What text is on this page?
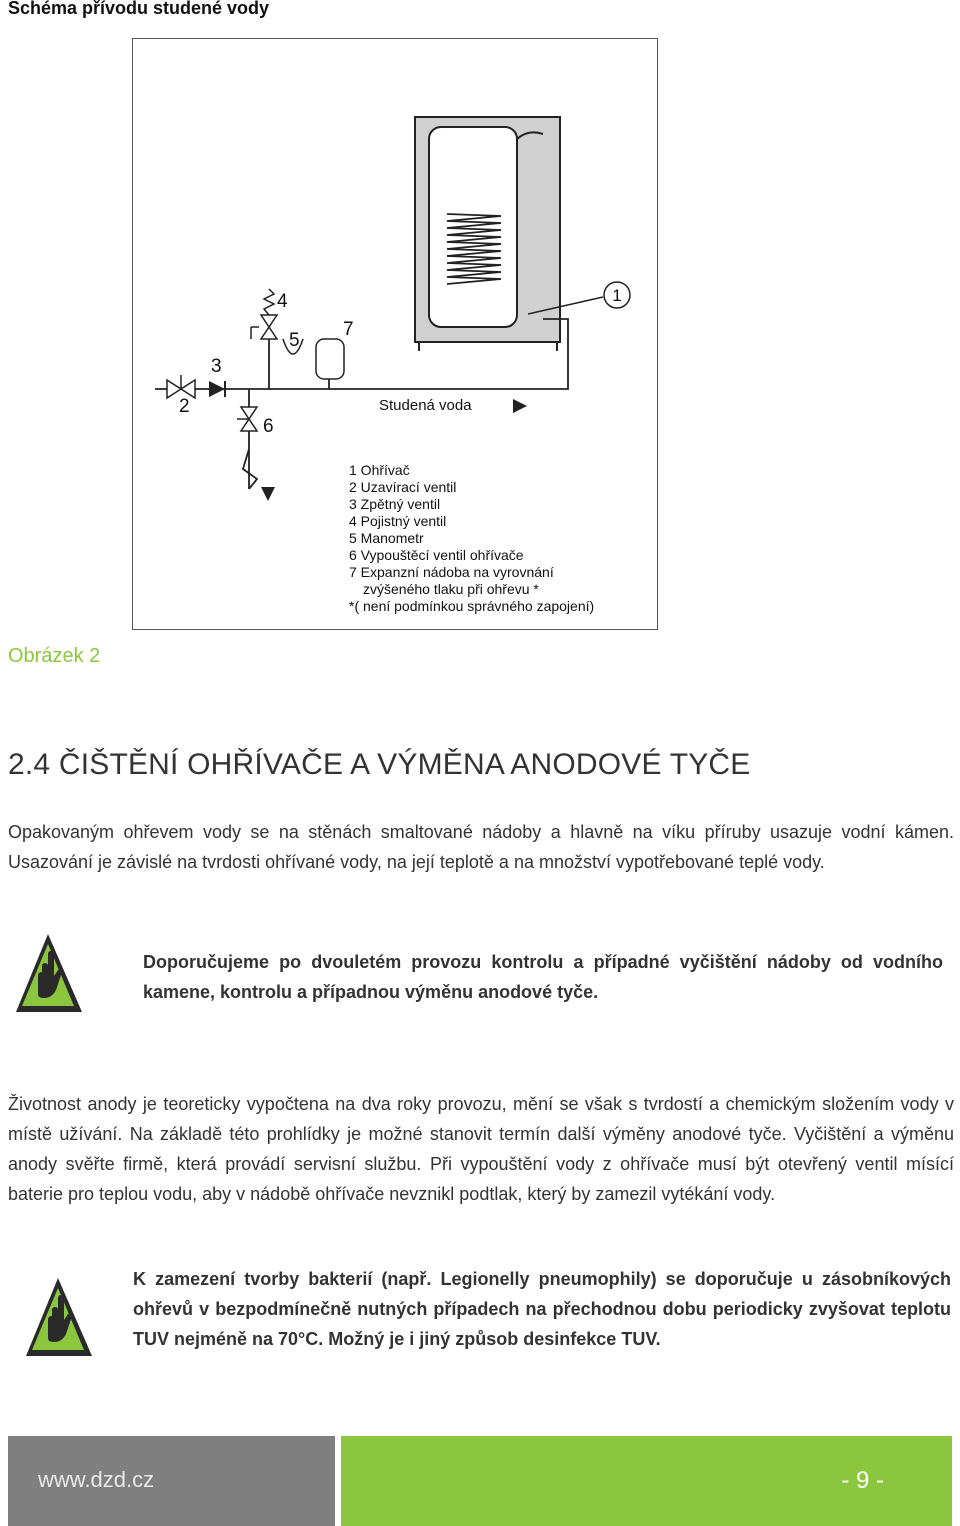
Schéma přívodu studené vody
1
2
3
4
5
6
7
Studená voda
1 Ohřívač
2 Uzavírací ventil
3 Zpětný ventil
4 Pojistný ventil
5 Manometr
6 Vypouštěcí ventil ohřívače
7 Expanzní nádoba na vyrovnání
zvýšeného tlaku při ohřevu *
*( není podmínkou správného zapojení)
Obrázek 2
2.4 ČIŠTĚNÍ OHŘÍVAČE A VÝMĚNA ANODOVÉ TYČE
Opakovaným ohřevem vody se na stěnách smaltované nádoby a hlavně na víku příruby usazuje vodní kámen. Usazování je závislé na tvrdosti ohřívané vody, na její teplotě a na množství vypotřebované teplé vody.
Doporučujeme po dvouletém provozu kontrolu a případné vyčištění nádoby od vodního kamene, kontrolu a případnou výměnu anodové tyče.
Životnost anody je teoreticky vypočtena na dva roky provozu, mění se však s tvrdostí a chemickým složením vody v místě užívání. Na základě této prohlídky je možné stanovit termín další výměny anodové tyče. Vyčištění a výměnu anody svěřte firmě, která provádí servisní službu. Při vypouštění vody z ohřívače musí být otevřený ventil mísící baterie pro teplou vodu, aby v nádobě ohřívače nevznikl podtlak, který by zamezil vytékání vody.
K zamezení tvorby bakterií (např. Legionelly pneumophily) se doporučuje u zásobníkových ohřevů v bezpodmínečně nutných případech na přechodnou dobu periodicky zvyšovat teplotu TUV nejméně na 70°C. Možný je i jiný způsob desinfekce TUV.
www.dzd.cz	- 9 -
